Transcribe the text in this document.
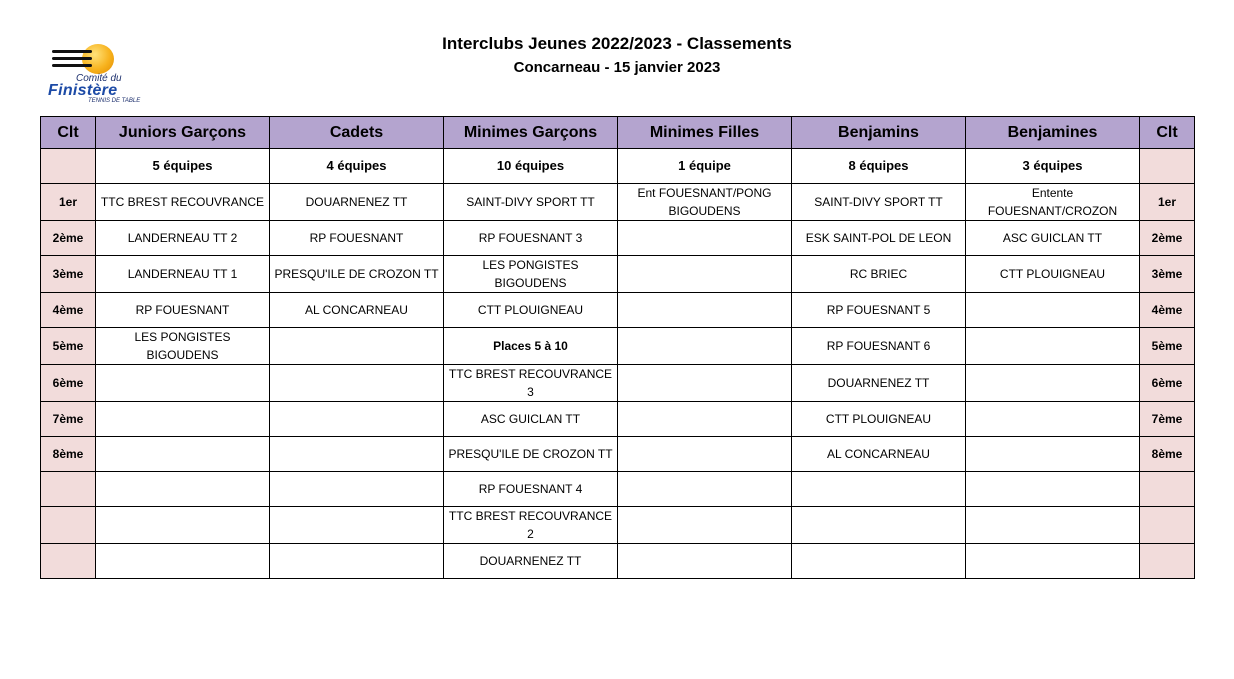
Comité du
Finistère
TENNIS DE TABLE
Interclubs Jeunes 2022/2023 - Classements
Concarneau - 15 janvier 2023
Clt	Juniors Garçons	Cadets	Minimes Garçons	Minimes Filles	Benjamins	Benjamines	Clt
	5 équipes	4 équipes	10 équipes	1 équipe	8 équipes	3 équipes	
1er	TTC BREST RECOUVRANCE	DOUARNENEZ TT	SAINT-DIVY SPORT TT	Ent FOUESNANT/PONG BIGOUDENS	SAINT-DIVY SPORT TT	Entente FOUESNANT/CROZON	1er
2ème	LANDERNEAU TT 2	RP FOUESNANT	RP FOUESNANT 3		ESK SAINT-POL DE LEON	ASC GUICLAN TT	2ème
3ème	LANDERNEAU TT 1	PRESQU'ILE DE CROZON TT	LES PONGISTES BIGOUDENS		RC BRIEC	CTT PLOUIGNEAU	3ème
4ème	RP FOUESNANT	AL CONCARNEAU	CTT PLOUIGNEAU		RP FOUESNANT 5		4ème
5ème	LES PONGISTES BIGOUDENS		Places 5 à 10		RP FOUESNANT 6		5ème
6ème			TTC BREST RECOUVRANCE 3		DOUARNENEZ TT		6ème
7ème			ASC GUICLAN TT		CTT PLOUIGNEAU		7ème
8ème			PRESQU'ILE DE CROZON TT		AL CONCARNEAU		8ème
			RP FOUESNANT 4				
			TTC BREST RECOUVRANCE 2				
			DOUARNENEZ TT				
